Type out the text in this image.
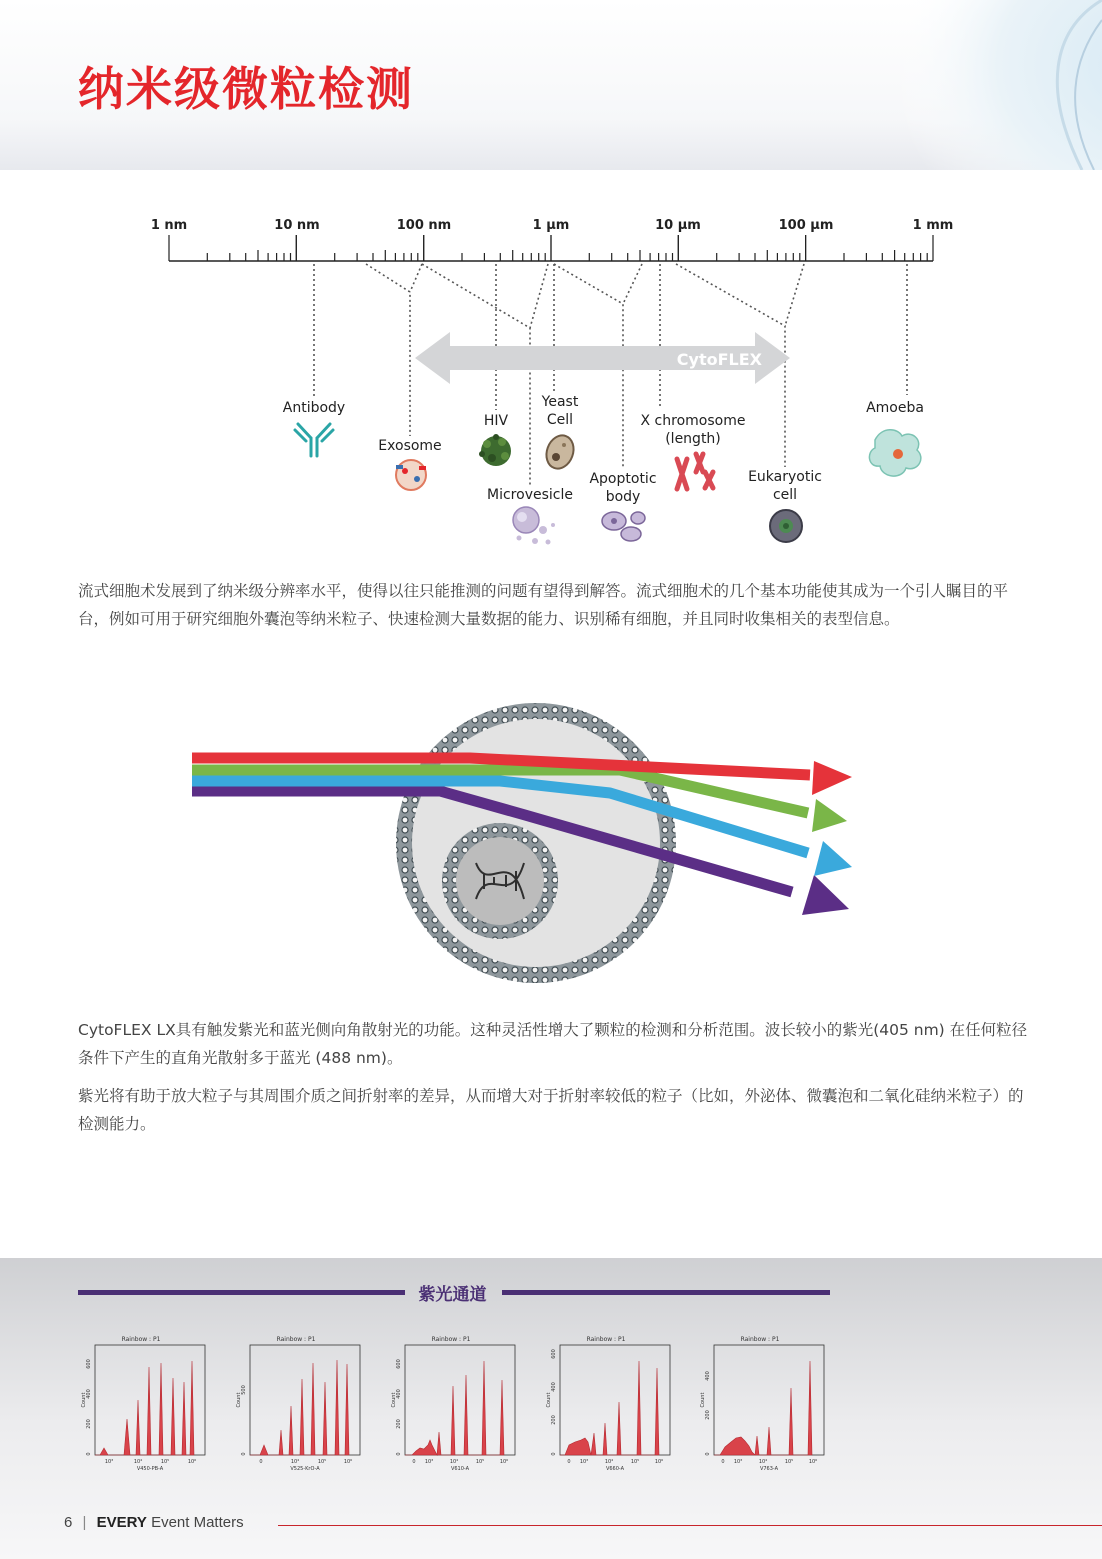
纳米级微粒检测
1 nm	10 nm	100 nm	1 µm	10 µm	100 µm	1 mm
CytoFLEX
Antibody
Exosome
HIV
Microvesicle
Yeast
Cell
Apoptotic
body
X chromosome
(length)
Eukaryotic
cell
Amoeba

流式细胞术发展到了纳米级分辨率水平，使得以往只能推测的问题有望得到解答。流式细胞术的几个基本功能使其成为一个引人瞩目的平台，例如可用于研究细胞外囊泡等纳米粒子、快速检测大量数据的能力、识别稀有细胞，并且同时收集相关的表型信息。

CytoFLEX LX具有触发紫光和蓝光侧向角散射光的功能。这种灵活性增大了颗粒的检测和分析范围。波长较小的紫光(405 nm) 在任何粒径条件下产生的直角光散射多于蓝光 (488 nm)。

紫光将有助于放大粒子与其周围介质之间折射率的差异，从而增大对于折射率较低的粒子（比如，外泌体、微囊泡和二氧化硅纳米粒子）的检测能力。

紫光通道
Rainbow : P1
Count
600
400
200
0
10³	10⁴	10⁵	10⁶
V450-PB-A
Rainbow : P1
Count
500
0
0	10⁴	10⁵	10⁶
V525-KrO-A
Rainbow : P1
Count
600
400
200
0
0 10³	10⁴	10⁵	10⁶
V610-A
Rainbow : P1
Count
600
400
200
0
0 10³	10⁴	10⁵	10⁶
V660-A
Rainbow : P1
Count
400
200
0
0 10³	10⁴	10⁵	10⁶
V763-A
6 | EVERY Event Matters
